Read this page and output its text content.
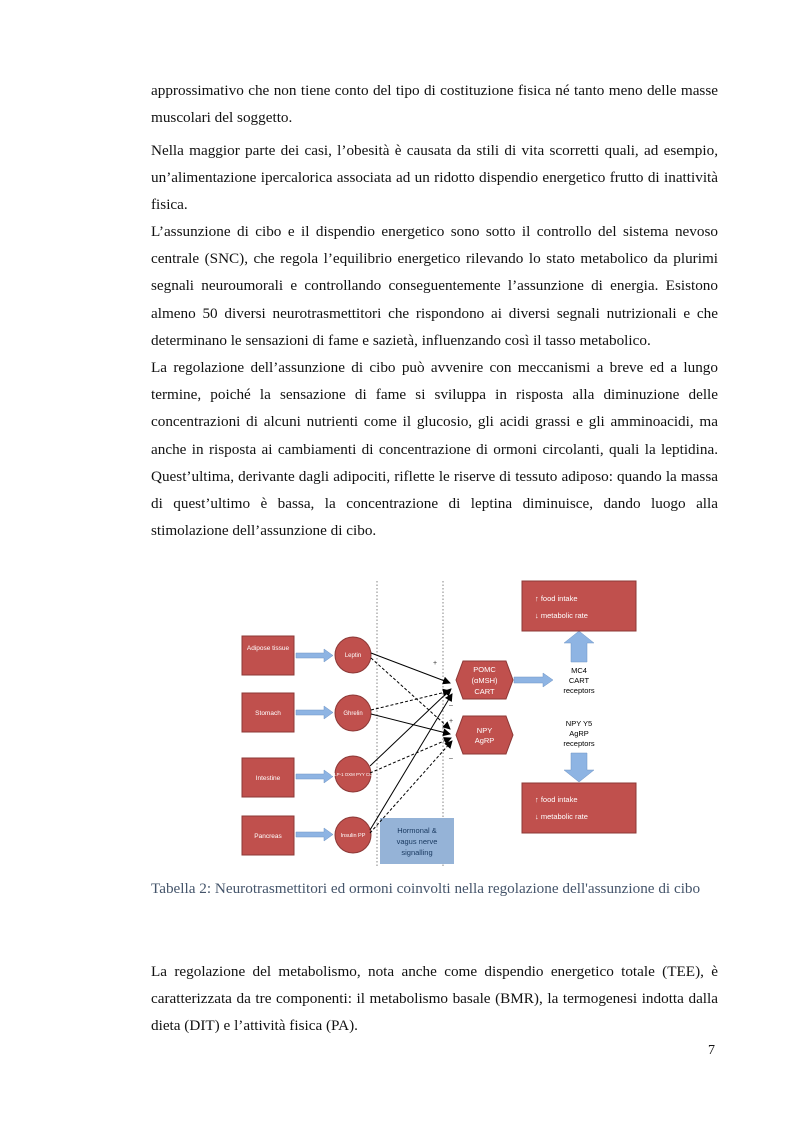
approssimativo che non tiene conto del tipo di costituzione fisica né tanto meno delle masse muscolari del soggetto.

Nella maggior parte dei casi, l’obesità è causata da stili di vita scorretti quali, ad esempio, un’alimentazione ipercalorica associata ad un ridotto dispendio energetico frutto di inattività fisica.

L’assunzione di cibo e il dispendio energetico sono sotto il controllo del sistema nevoso centrale (SNC), che regola l’equilibrio energetico rilevando lo stato metabolico da plurimi segnali neuroumorali e controllando conseguentemente l’assunzione di energia. Esistono almeno 50 diversi neurotrasmettitori che rispondono ai diversi segnali nutrizionali e che determinano le sensazioni di fame e sazietà, influenzando così il tasso metabolico.

La regolazione dell’assunzione di cibo può avvenire con meccanismi a breve ed a lungo termine, poiché la sensazione di fame si sviluppa in risposta alla diminuzione delle concentrazioni di alcuni nutrienti come il glucosio, gli acidi grassi e gli amminoacidi, ma anche in risposta ai cambiamenti di concentrazione di ormoni circolanti, quali la leptidina. Quest’ultima, derivante dagli adipociti, riflette le riserve di tessuto adiposo: quando la massa di quest’ultimo è bassa, la concentrazione di leptina diminuisce, dando luogo alla stimolazione dell’assunzione di cibo.

Adipose tissue
Stomach
Intestine
Pancreas
Leptin
Ghrelin
GLP-1 OXM PYY CCK
Insulin PP
Hormonal &
vagus nerve
signalling
+
–
+
–
POMC
(αMSH)
CART
NPY
AgRP
MC4
CART
receptors
NPY Y5
AgRP
receptors
↑ food intake
↓ metabolic rate
↑ food intake
↓ metabolic rate

Tabella 2: Neurotrasmettitori ed ormoni coinvolti nella regolazione dell'assunzione di cibo

La regolazione del metabolismo, nota anche come dispendio energetico totale (TEE), è caratterizzata da tre componenti: il metabolismo basale (BMR), la termogenesi indotta dalla dieta (DIT) e l’attività fisica (PA).

7
